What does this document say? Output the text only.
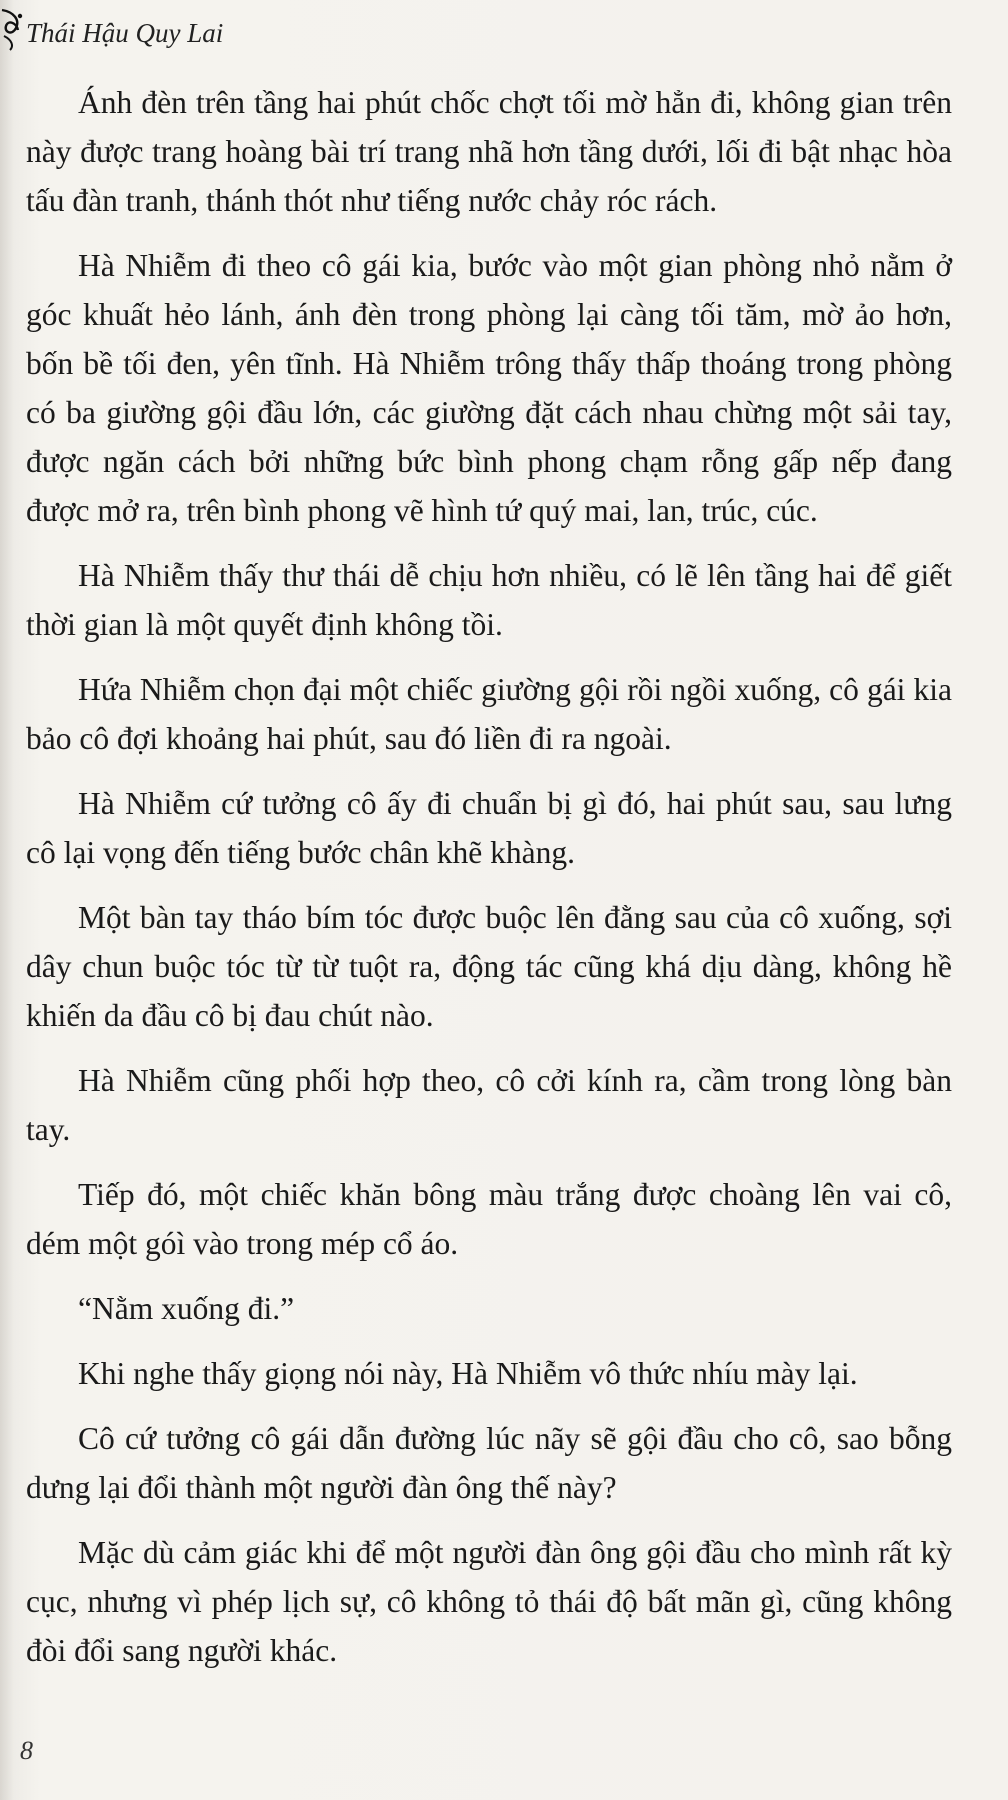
Thái Hậu Quy Lai

Ánh đèn trên tầng hai phút chốc chợt tối mờ hẳn đi, không gian trên này được trang hoàng bài trí trang nhã hơn tầng dưới, lối đi bật nhạc hòa tấu đàn tranh, thánh thót như tiếng nước chảy róc rách.

Hà Nhiễm đi theo cô gái kia, bước vào một gian phòng nhỏ nằm ở góc khuất hẻo lánh, ánh đèn trong phòng lại càng tối tăm, mờ ảo hơn, bốn bề tối đen, yên tĩnh. Hà Nhiễm trông thấy thấp thoáng trong phòng có ba giường gội đầu lớn, các giường đặt cách nhau chừng một sải tay, được ngăn cách bởi những bức bình phong chạm rỗng gấp nếp đang được mở ra, trên bình phong vẽ hình tứ quý mai, lan, trúc, cúc.

Hà Nhiễm thấy thư thái dễ chịu hơn nhiều, có lẽ lên tầng hai để giết thời gian là một quyết định không tồi.

Hứa Nhiễm chọn đại một chiếc giường gội rồi ngồi xuống, cô gái kia bảo cô đợi khoảng hai phút, sau đó liền đi ra ngoài.

Hà Nhiễm cứ tưởng cô ấy đi chuẩn bị gì đó, hai phút sau, sau lưng cô lại vọng đến tiếng bước chân khẽ khàng.

Một bàn tay tháo bím tóc được buộc lên đằng sau của cô xuống, sợi dây chun buộc tóc từ từ tuột ra, động tác cũng khá dịu dàng, không hề khiến da đầu cô bị đau chút nào.

Hà Nhiễm cũng phối hợp theo, cô cởi kính ra, cầm trong lòng bàn tay.

Tiếp đó, một chiếc khăn bông màu trắng được choàng lên vai cô, dém một góì vào trong mép cổ áo.

“Nằm xuống đi.”

Khi nghe thấy giọng nói này, Hà Nhiễm vô thức nhíu mày lại.

Cô cứ tưởng cô gái dẫn đường lúc nãy sẽ gội đầu cho cô, sao bỗng dưng lại đổi thành một người đàn ông thế này?

Mặc dù cảm giác khi để một người đàn ông gội đầu cho mình rất kỳ cục, nhưng vì phép lịch sự, cô không tỏ thái độ bất mãn gì, cũng không đòi đổi sang người khác.

8
